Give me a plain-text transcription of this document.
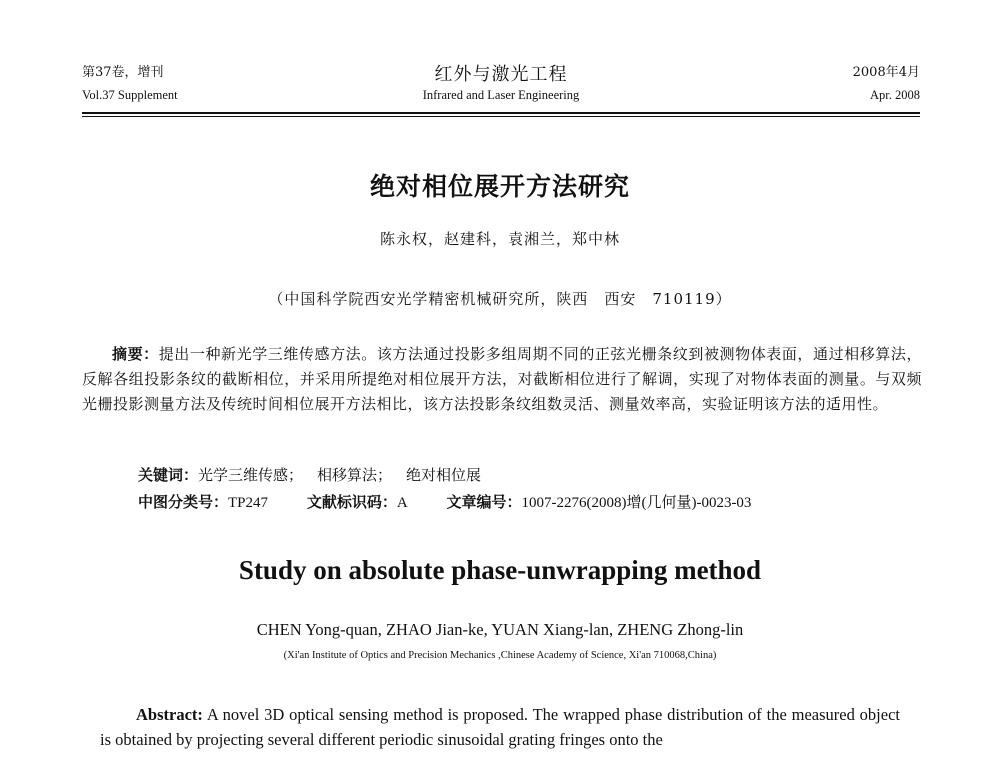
红外与激光工程
Infrared and Laser Engineering
第37卷，增刊
Vol.37 Supplement
2008年4月
Apr. 2008
绝对相位展开方法研究
陈永权，赵建科，袁湘兰，郑中林
（中国科学院西安光学精密机械研究所，陕西　西安　710119）
摘要：提出一种新光学三维传感方法。该方法通过投影多组周期不同的正弦光栅条纹到被测物体表面，通过相移算法，反解各组投影条纹的截断相位，并采用所提绝对相位展开方法，对截断相位进行了解调，实现了对物体表面的测量。与双频光栅投影测量方法及传统时间相位展开方法相比，该方法投影条纹组数灵活、测量效率高，实验证明该方法的适用性。
关键词：光学三维传感； 相移算法； 绝对相位展
中图分类号：TP247	文献标识码：A	文章编号：1007-2276(2008)增(几何量)-0023-03
Study on absolute phase-unwrapping method
CHEN Yong-quan, ZHAO Jian-ke, YUAN Xiang-lan, ZHENG Zhong-lin
(Xi'an Institute of Optics and Precision Mechanics ,Chinese Academy of Science, Xi'an 710068,China)
Abstract: A novel 3D optical sensing method is proposed. The wrapped phase distribution of the measured object is obtained by projecting several different periodic sinusoidal grating fringes onto the
